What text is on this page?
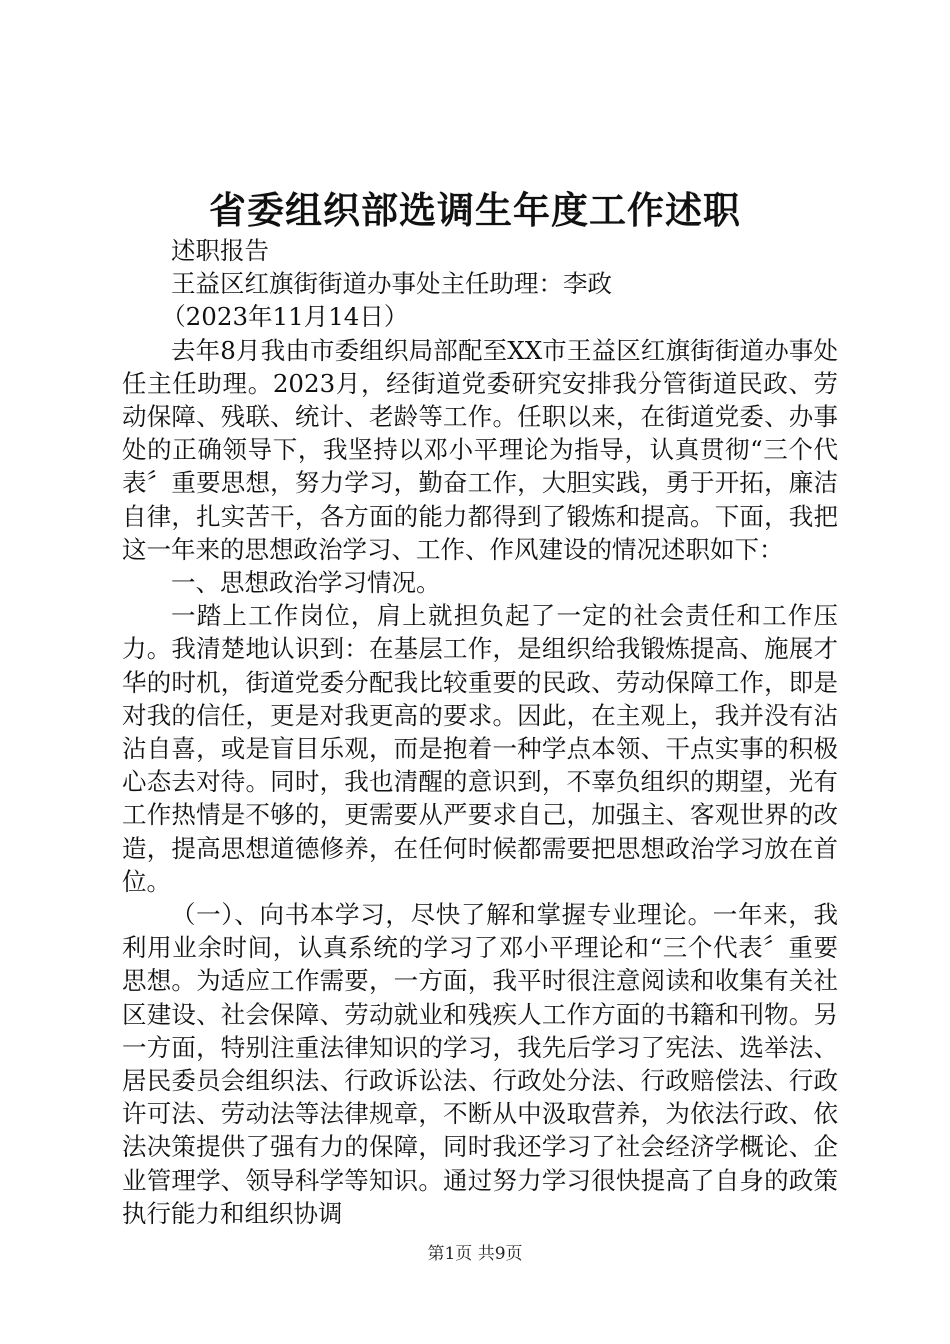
省委组织部选调生年度工作述职

述职报告

王益区红旗街街道办事处主任助理：李政

（2023年11月14日）

去年8月我由市委组织局部配至XX市王益区红旗街街道办事处任主任助理。2023月，经街道党委研究安排我分管街道民政、劳动保障、残联、统计、老龄等工作。任职以来，在街道党委、办事处的正确领导下，我坚持以邓小平理论为指导，认真贯彻“三个代表〞重要思想，努力学习，勤奋工作，大胆实践，勇于开拓，廉洁自律，扎实苦干，各方面的能力都得到了锻炼和提高。下面，我把这一年来的思想政治学习、工作、作风建设的情况述职如下：

一、思想政治学习情况。

一踏上工作岗位，肩上就担负起了一定的社会责任和工作压力。我清楚地认识到：在基层工作，是组织给我锻炼提高、施展才华的时机，街道党委分配我比较重要的民政、劳动保障工作，即是对我的信任，更是对我更高的要求。因此，在主观上，我并没有沾沾自喜，或是盲目乐观，而是抱着一种学点本领、干点实事的积极心态去对待。同时，我也清醒的意识到，不辜负组织的期望，光有工作热情是不够的，更需要从严要求自己，加强主、客观世界的改造，提高思想道德修养，在任何时候都需要把思想政治学习放在首位。

（一）、向书本学习，尽快了解和掌握专业理论。一年来，我利用业余时间，认真系统的学习了邓小平理论和“三个代表〞重要思想。为适应工作需要，一方面，我平时很注意阅读和收集有关社区建设、社会保障、劳动就业和残疾人工作方面的书籍和刊物。另一方面，特别注重法律知识的学习，我先后学习了宪法、选举法、居民委员会组织法、行政诉讼法、行政处分法、行政赔偿法、行政许可法、劳动法等法律规章，不断从中汲取营养，为依法行政、依法决策提供了强有力的保障，同时我还学习了社会经济学概论、企业管理学、领导科学等知识。通过努力学习很快提高了自身的政策执行能力和组织协调

第1页 共9页
